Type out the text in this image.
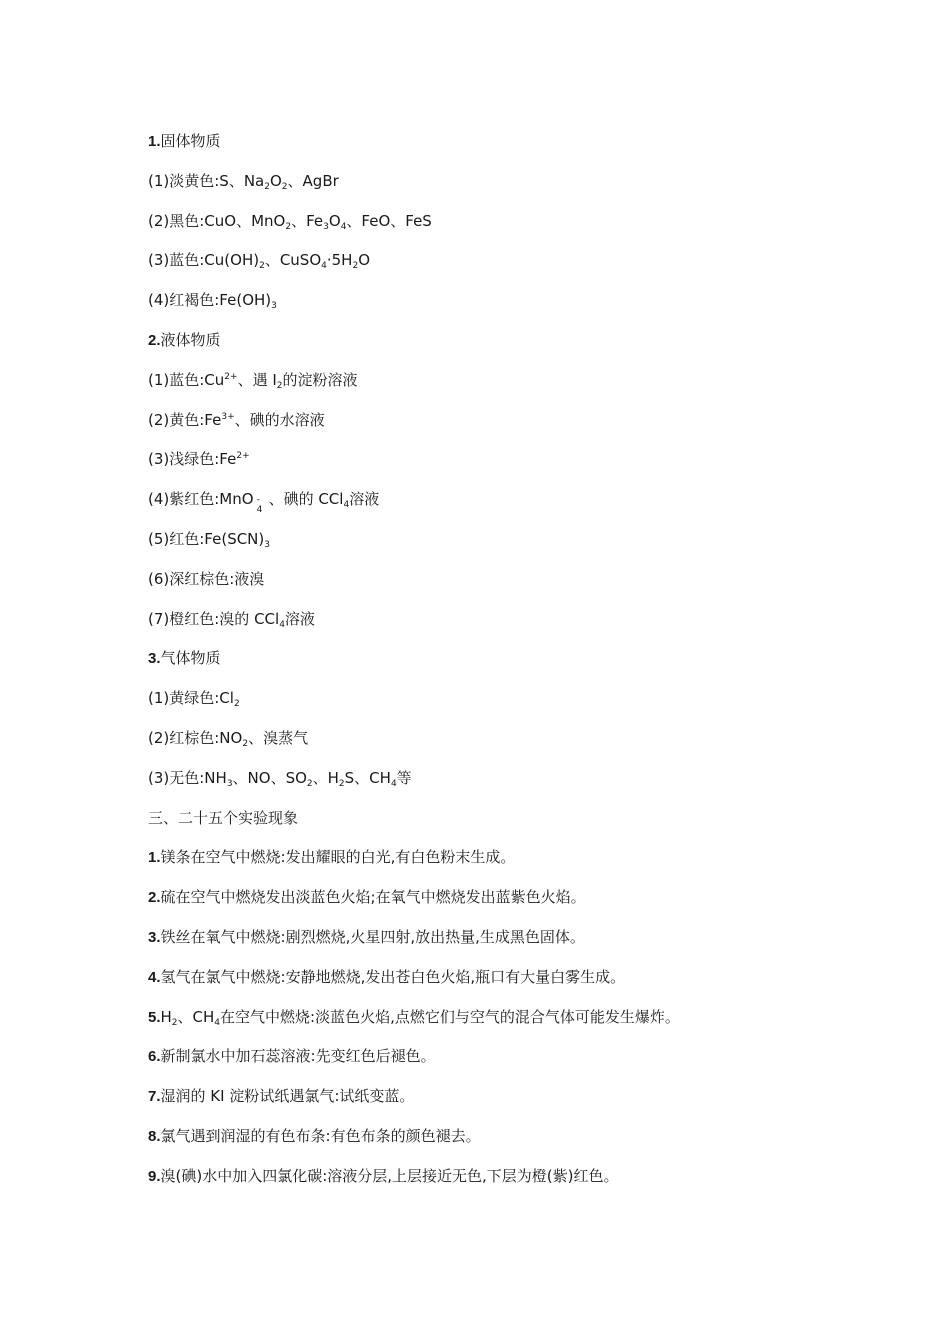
1.固体物质
(1)淡黄色:S、$Na_2O_2$、AgBr
(2)黑色:CuO、MnO$_2$、$Fe_3O_4$、FeO、FeS
(3)蓝色$:Cu(OH)_2$、$CuSO_4\cdot 5H_2O$
(4)红褐色$:Fe(OH)_3$
2.液体物质
(1)蓝色$:Cu^{2+}$、遇 $I_2$的淀粉溶液
(2)黄色$:Fe^{3+}$、碘的水溶液
(3)浅绿色$:Fe^{2+}$
(4)紫红色:MnO -
4
、碘的 CCl$_4$溶液
(5)红色$:Fe(SCN)_3$
(6)深红棕色:液溴
(7)橙红色:溴的 CCl$_4$溶液
3.气体物质
(1)黄绿色$:Cl_2$
(2)红棕色$:NO_2$、溴蒸气
(3)无色$:NH_3$、NO、$SO_2$、$H_2S$、$CH_4$等
三、二十五个实验现象
1.镁条在空气中燃烧:发出耀眼的白光,有白色粉末生成。
2.硫在空气中燃烧发出淡蓝色火焰;在氧气中燃烧发出蓝紫色火焰。
3.铁丝在氧气中燃烧:剧烈燃烧,火星四射,放出热量,生成黑色固体。
4.氢气在氯气中燃烧:安静地燃烧,发出苍白色火焰,瓶口有大量白雾生成。
$5.H_2$、$CH_4$在空气中燃烧:淡蓝色火焰,点燃它们与空气的混合气体可能发生爆炸。
6.新制氯水中加石蕊溶液:先变红色后褪色。
7.湿润的 KI 淀粉试纸遇氯气:试纸变蓝。
8.氯气遇到润湿的有色布条:有色布条的颜色褪去。
9.溴(碘)水中加入四氯化碳:溶液分层,上层接近无色,下层为橙(紫)红色。
